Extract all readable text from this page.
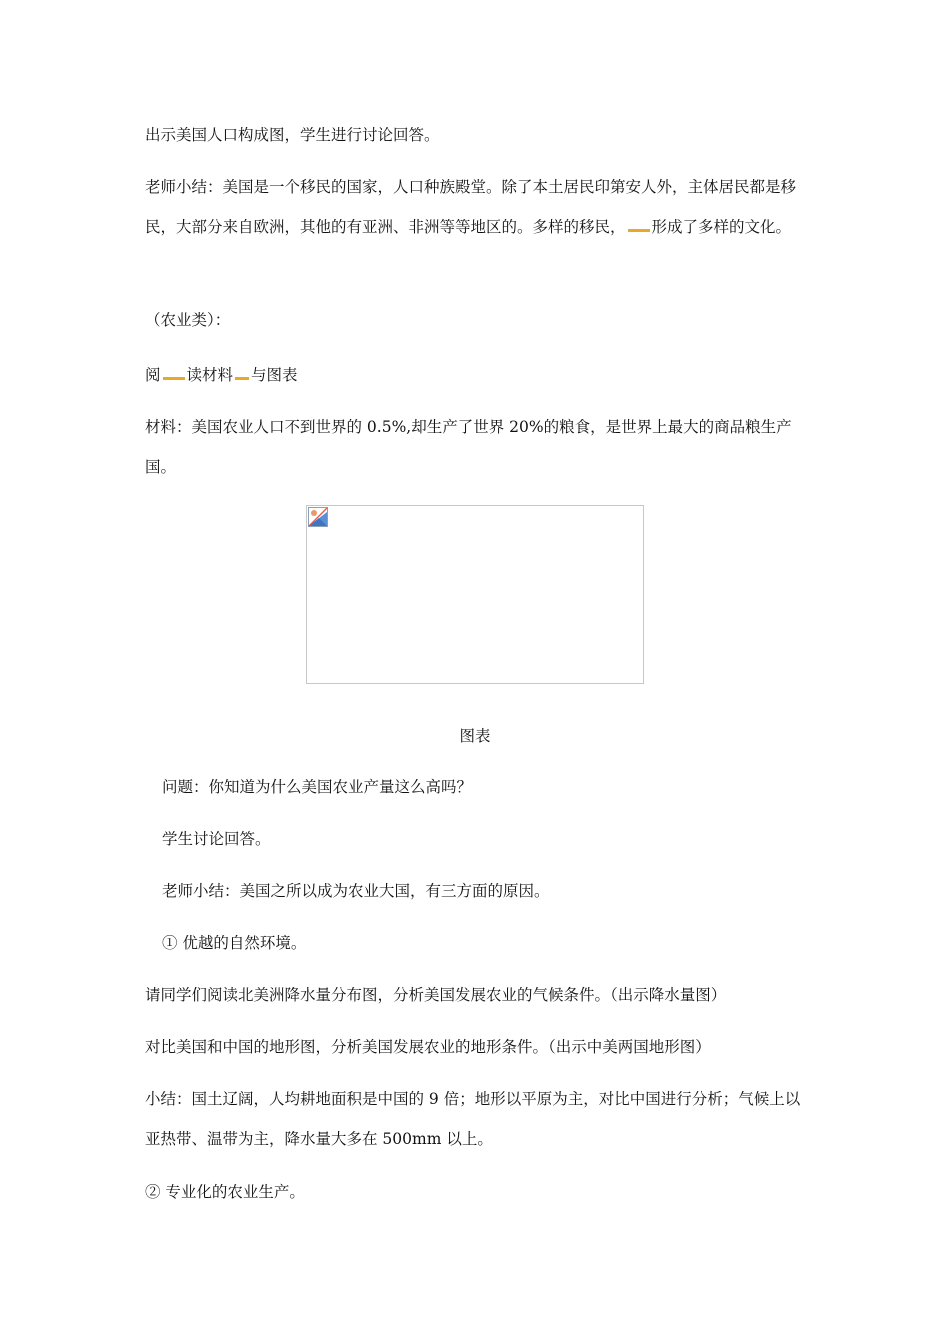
出示美国人口构成图，学生进行讨论回答。

老师小结：美国是一个移民的国家，人口种族殿堂。除了本土居民印第安人外，主体居民都是移民，大部分来自欧洲，其他的有亚洲、非洲等等地区的。多样的移民， 形成了多样的文化。

（农业类）：

阅 读材料 与图表

材料：美国农业人口不到世界的 0.5%,却生产了世界 20%的粮食，是世界上最大的商品粮生产国。

图表

问题：你知道为什么美国农业产量这么高吗？

学生讨论回答。

老师小结：美国之所以成为农业大国，有三方面的原因。

① 优越的自然环境。

请同学们阅读北美洲降水量分布图，分析美国发展农业的气候条件。（出示降水量图）

对比美国和中国的地形图，分析美国发展农业的地形条件。（出示中美两国地形图）

小结：国土辽阔，人均耕地面积是中国的 9 倍；地形以平原为主，对比中国进行分析；气候上以亚热带、温带为主，降水量大多在 500mm 以上。

② 专业化的农业生产。
